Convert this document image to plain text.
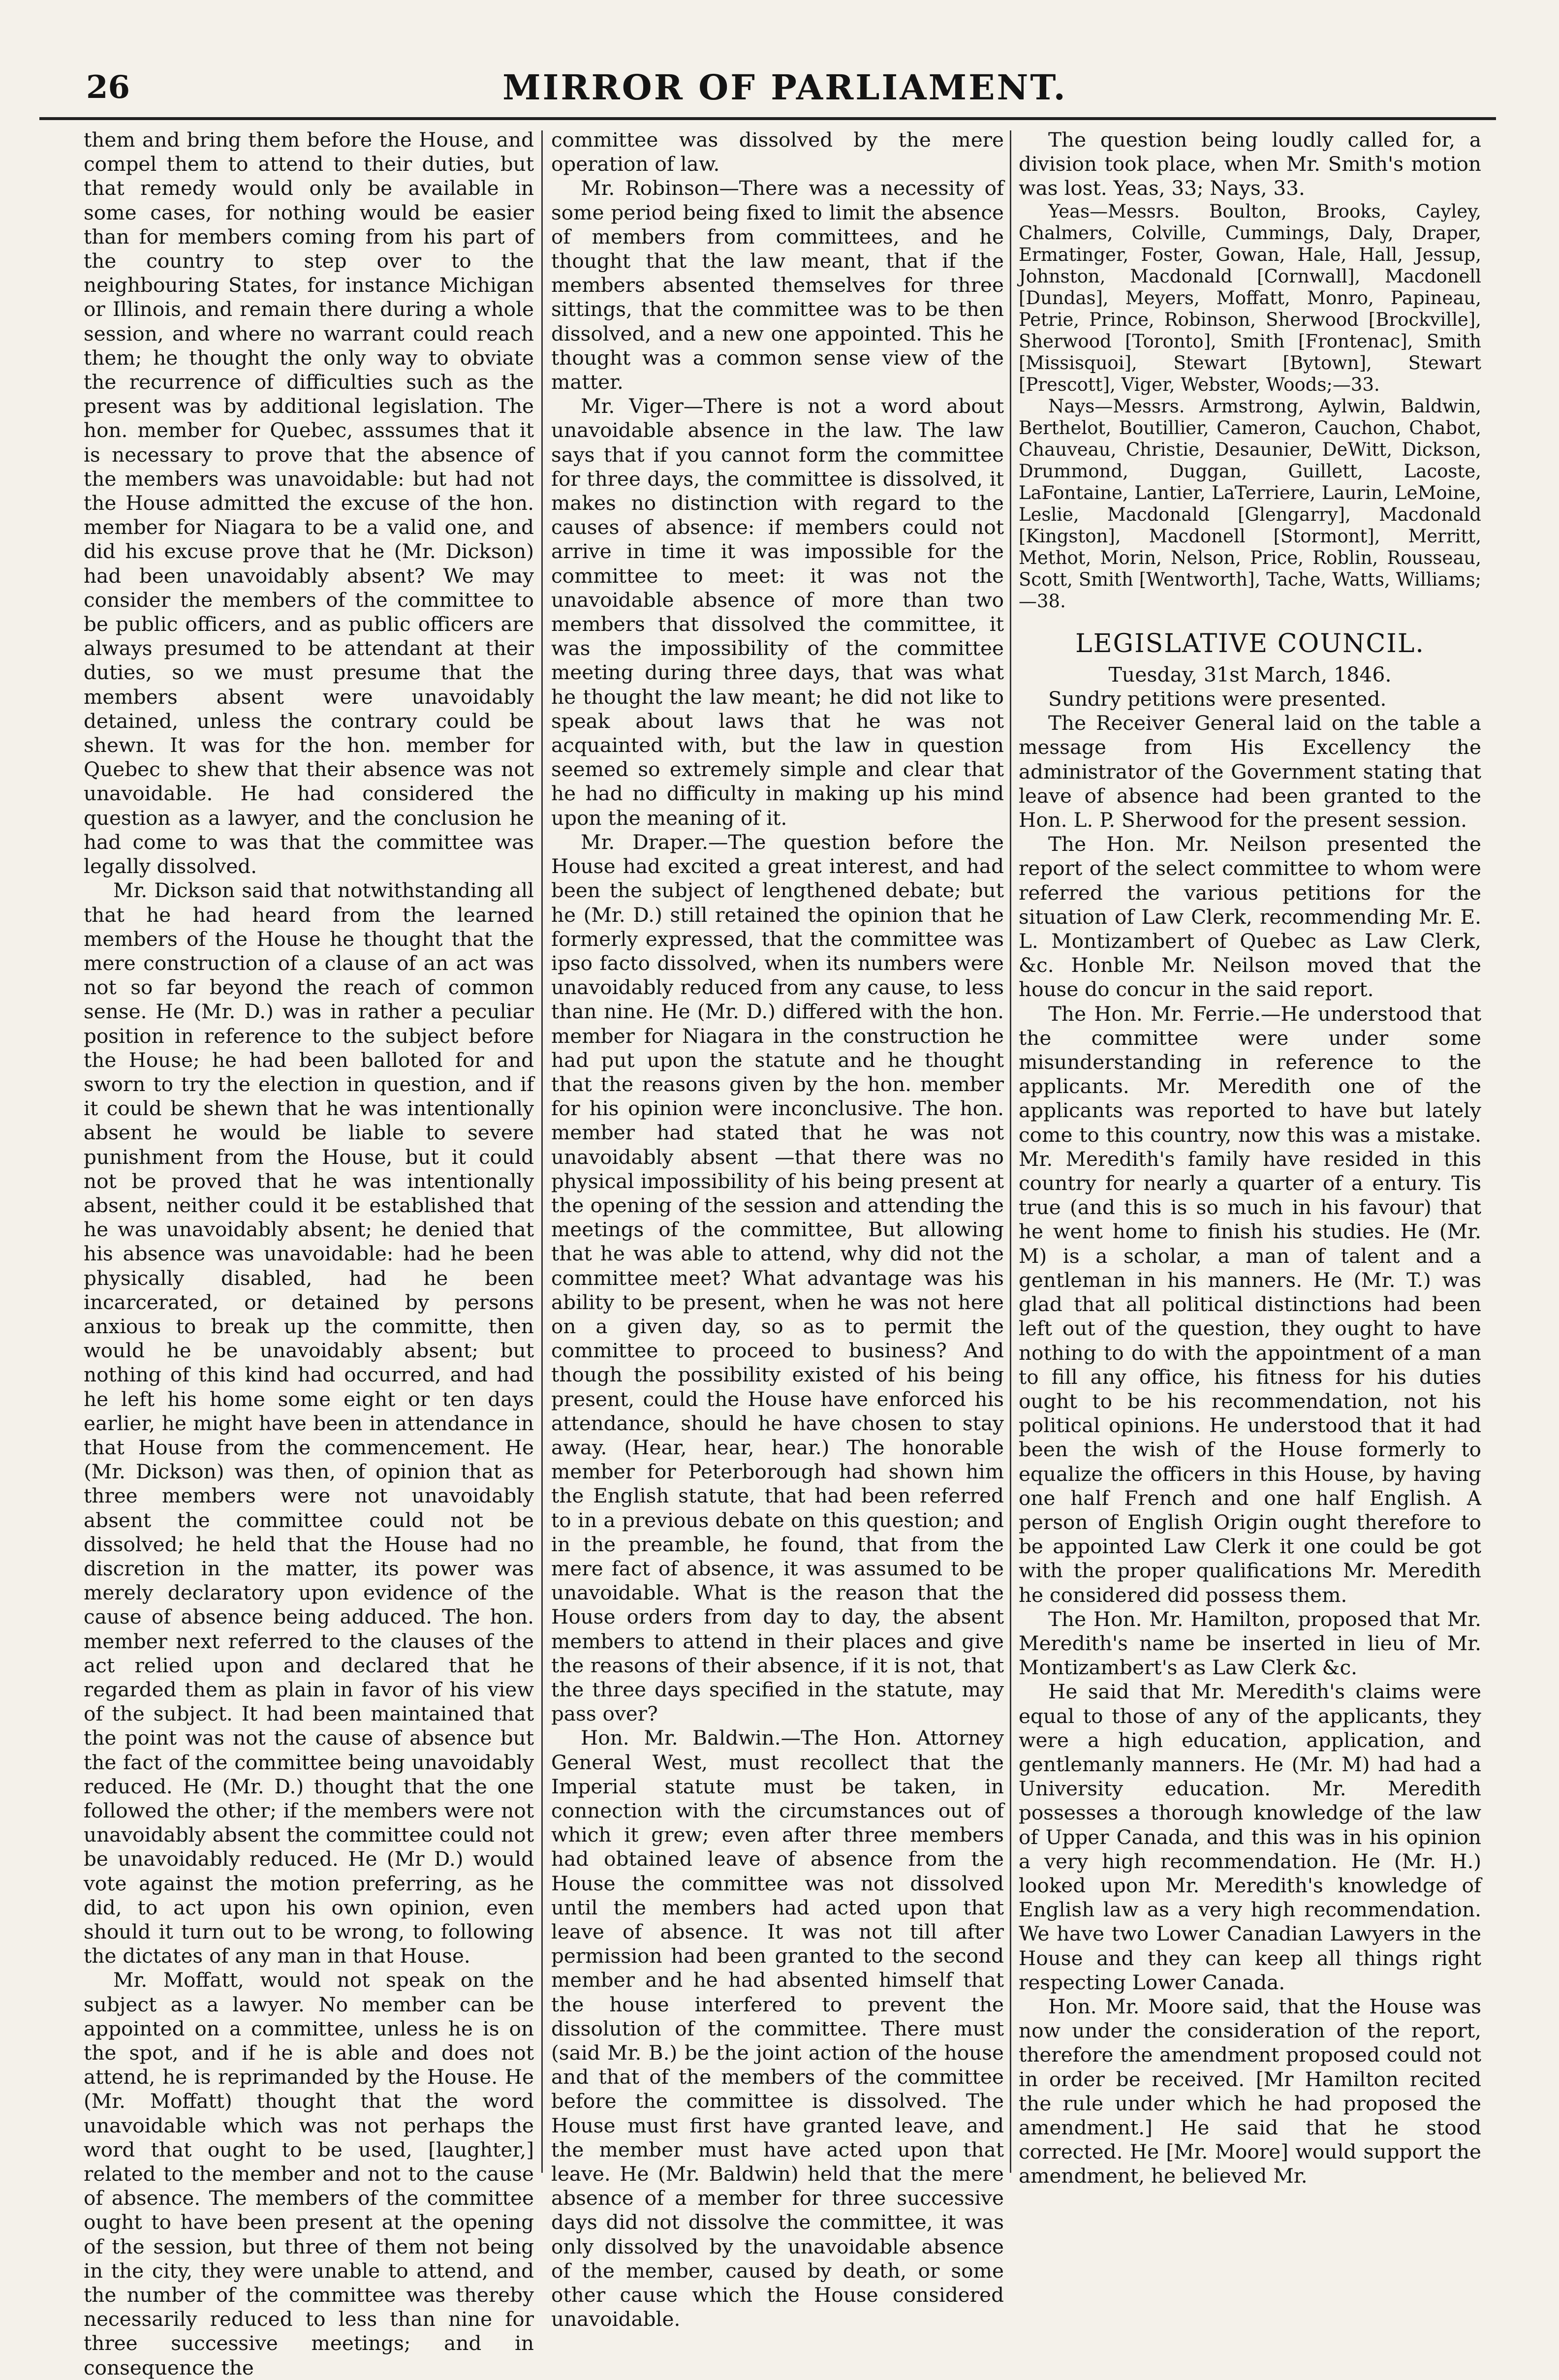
26	MIRROR OF PARLIAMENT.

them and bring them before the House, and compel them to attend to their duties, but that remedy would only be available in some cases, for nothing would be easier than for members coming from his part of the country to step over to the neighbouring States, for instance Michigan or Illinois, and remain there during a whole session, and where no warrant could reach them; he thought the only way to obviate the recurrence of difficulties such as the present was by additional legislation. The hon. member for Quebec, asssumes that it is necessary to prove that the absence of the members was unavoidable: but had not the House admitted the excuse of the hon. member for Niagara to be a valid one, and did his excuse prove that he (Mr. Dickson) had been unavoidably absent? We may consider the members of the committee to be public officers, and as public officers are always presumed to be attendant at their duties, so we must presume that the members absent were unavoidably detained, unless the contrary could be shewn. It was for the hon. member for Quebec to shew that their absence was not unavoidable. He had considered the question as a lawyer, and the conclusion he had come to was that the committee was legally dissolved.

Mr. Dickson said that notwithstanding all that he had heard from the learned members of the House he thought that the mere construction of a clause of an act was not so far beyond the reach of common sense. He (Mr. D.) was in rather a peculiar position in reference to the subject before the House; he had been balloted for and sworn to try the election in question, and if it could be shewn that he was intentionally absent he would be liable to severe punishment from the House, but it could not be proved that he was intentionally absent, neither could it be established that he was unavoidably absent; he denied that his absence was unavoidable: had he been physically disabled, had he been incarcerated, or detained by persons anxious to break up the committe, then would he be unavoidably absent; but nothing of this kind had occurred, and had he left his home some eight or ten days earlier, he might have been in attendance in that House from the commencement. He (Mr. Dickson) was then, of opinion that as three members were not unavoidably absent the committee could not be dissolved; he held that the House had no discretion in the matter, its power was merely declaratory upon evidence of the cause of absence being adduced. The hon. member next referred to the clauses of the act relied upon and declared that he regarded them as plain in favor of his view of the subject. It had been maintained that the point was not the cause of absence but the fact of the committee being unavoidably reduced. He (Mr. D.) thought that the one followed the other; if the members were not unavoidably absent the committee could not be unavoidably reduced. He (Mr D.) would vote against the motion preferring, as he did, to act upon his own opinion, even should it turn out to be wrong, to following the dictates of any man in that House.

Mr. Moffatt, would not speak on the subject as a lawyer. No member can be appointed on a committee, unless he is on the spot, and if he is able and does not attend, he is reprimanded by the House. He (Mr. Moffatt) thought that the word unavoidable which was not perhaps the word that ought to be used, [laughter,] related to the member and not to the cause of absence. The members of the committee ought to have been present at the opening of the session, but three of them not being in the city, they were unable to attend, and the number of the committee was thereby necessarily reduced to less than nine for three successive meetings; and in consequence the

committee was dissolved by the mere operation of law.

Mr. Robinson—There was a necessity of some period being fixed to limit the absence of members from committees, and he thought that the law meant, that if the members absented themselves for three sittings, that the committee was to be then dissolved, and a new one appointed. This he thought was a common sense view of the matter.

Mr. Viger—There is not a word about unavoidable absence in the law. The law says that if you cannot form the committee for three days, the committee is dissolved, it makes no distinction with regard to the causes of absence: if members could not arrive in time it was impossible for the committee to meet: it was not the unavoidable absence of more than two members that dissolved the committee, it was the impossibility of the committee meeting during three days, that was what he thought the law meant; he did not like to speak about laws that he was not acquainted with, but the law in question seemed so extremely simple and clear that he had no difficulty in making up his mind upon the meaning of it.

Mr. Draper.—The question before the House had excited a great interest, and had been the subject of lengthened debate; but he (Mr. D.) still retained the opinion that he formerly expressed, that the committee was ipso facto dissolved, when its numbers were unavoidably reduced from any cause, to less than nine. He (Mr. D.) differed with the hon. member for Niagara in the construction he had put upon the statute and he thought that the reasons given by the hon. member for his opinion were inconclusive. The hon. member had stated that he was not unavoidably absent —that there was no physical impossibility of his being present at the opening of the session and attending the meetings of the committee, But allowing that he was able to attend, why did not the committee meet? What advantage was his ability to be present, when he was not here on a given day, so as to permit the committee to proceed to business? And though the possibility existed of his being present, could the House have enforced his attendance, should he have chosen to stay away. (Hear, hear, hear.) The honorable member for Peterborough had shown him the English statute, that had been referred to in a previous debate on this question; and in the preamble, he found, that from the mere fact of absence, it was assumed to be unavoidable. What is the reason that the House orders from day to day, the absent members to attend in their places and give the reasons of their absence, if it is not, that the three days specified in the statute, may pass over?

Hon. Mr. Baldwin.—The Hon. Attorney General West, must recollect that the Imperial statute must be taken, in connection with the circumstances out of which it grew; even after three members had obtained leave of absence from the House the committee was not dissolved until the members had acted upon that leave of absence. It was not till after permission had been granted to the second member and he had absented himself that the house interfered to prevent the dissolution of the committee. There must (said Mr. B.) be the joint action of the house and that of the members of the committee before the committee is dissolved. The House must first have granted leave, and the member must have acted upon that leave. He (Mr. Baldwin) held that the mere absence of a member for three successive days did not dissolve the committee, it was only dissolved by the unavoidable absence of the member, caused by death, or some other cause which the House considered unavoidable.

The question being loudly called for, a division took place, when Mr. Smith's motion was lost. Yeas, 33; Nays, 33.

Yeas—Messrs. Boulton, Brooks, Cayley, Chalmers, Colville, Cummings, Daly, Draper, Ermatinger, Foster, Gowan, Hale, Hall, Jessup, Johnston, Macdonald [Cornwall], Macdonell [Dundas], Meyers, Moffatt, Monro, Papineau, Petrie, Prince, Robinson, Sherwood [Brockville], Sherwood [Toronto], Smith [Frontenac], Smith [Missisquoi], Stewart [Bytown], Stewart [Prescott], Viger, Webster, Woods;—33.

Nays—Messrs. Armstrong, Aylwin, Baldwin, Berthelot, Boutillier, Cameron, Cauchon, Chabot, Chauveau, Christie, Desaunier, DeWitt, Dickson, Drummond, Duggan, Guillett, Lacoste, LaFontaine, Lantier, LaTerriere, Laurin, LeMoine, Leslie, Macdonald [Glengarry], Macdonald [Kingston], Macdonell [Stormont], Merritt, Methot, Morin, Nelson, Price, Roblin, Rousseau, Scott, Smith [Wentworth], Tache, Watts, Williams;—38.

LEGISLATIVE COUNCIL.

Tuesday, 31st March, 1846.

Sundry petitions were presented.

The Receiver General laid on the table a message from His Excellency the administrator of the Government stating that leave of absence had been granted to the Hon. L. P. Sherwood for the present session.

The Hon. Mr. Neilson presented the report of the select committee to whom were referred the various petitions for the situation of Law Clerk, recommending Mr. E. L. Montizambert of Quebec as Law Clerk, &c. Honble Mr. Neilson moved that the house do concur in the said report.

The Hon. Mr. Ferrie.—He understood that the committee were under some misunderstanding in reference to the applicants. Mr. Meredith one of the applicants was reported to have but lately come to this country, now this was a mistake. Mr. Meredith's family have resided in this country for nearly a quarter of a entury. Tis true (and this is so much in his favour) that he went home to finish his studies. He (Mr. M) is a scholar, a man of talent and a gentleman in his manners. He (Mr. T.) was glad that all political distinctions had been left out of the question, they ought to have nothing to do with the appointment of a man to fill any office, his fitness for his duties ought to be his recommendation, not his political opinions. He understood that it had been the wish of the House formerly to equalize the officers in this House, by having one half French and one half English. A person of English Origin ought therefore to be appointed Law Clerk it one could be got with the proper qualifications Mr. Meredith he considered did possess them.

The Hon. Mr. Hamilton, proposed that Mr. Meredith's name be inserted in lieu of Mr. Montizambert's as Law Clerk &c.

He said that Mr. Meredith's claims were equal to those of any of the applicants, they were a high education, application, and gentlemanly manners. He (Mr. M) had had a University education. Mr. Meredith possesses a thorough knowledge of the law of Upper Canada, and this was in his opinion a very high recommendation. He (Mr. H.) looked upon Mr. Meredith's knowledge of English law as a very high recommendation. We have two Lower Canadian Lawyers in the House and they can keep all things right respecting Lower Canada.

Hon. Mr. Moore said, that the House was now under the consideration of the report, therefore the amendment proposed could not in order be received. [Mr Hamilton recited the rule under which he had proposed the amendment.] He said that he stood corrected. He [Mr. Moore] would support the amendment, he believed Mr.
